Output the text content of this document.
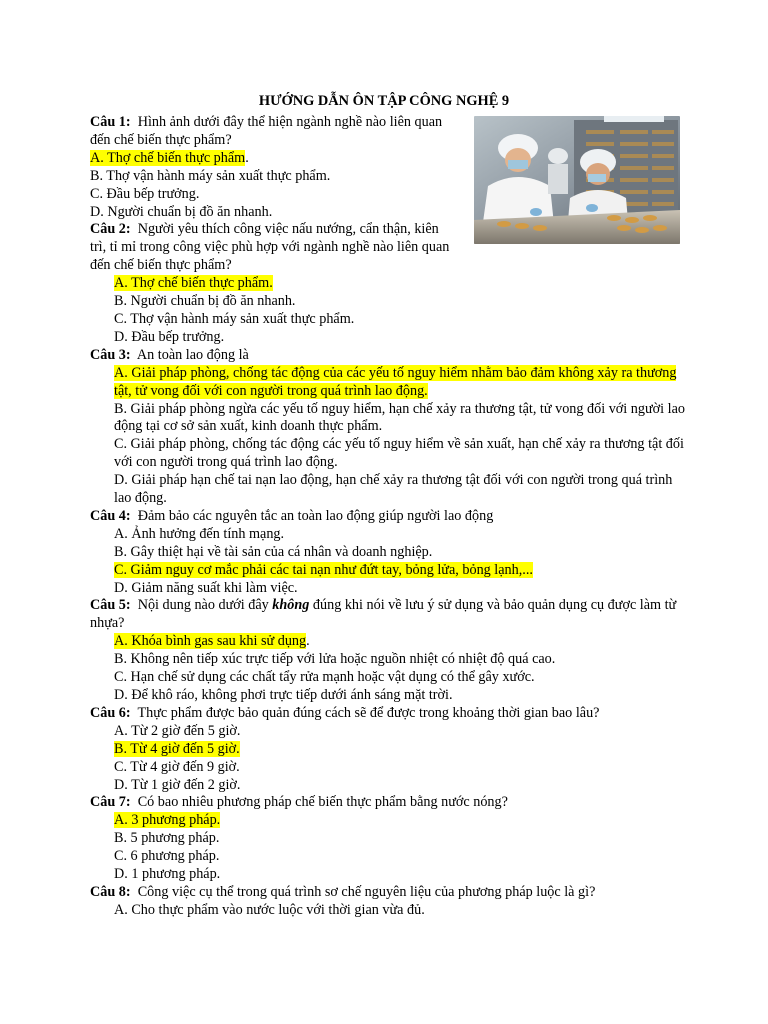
HƯỚNG DẪN ÔN TẬP CÔNG NGHỆ 9
Câu 1: Hình ảnh dưới đây thể hiện ngành nghề nào liên quan đến chế biến thực phẩm?
A. Thợ chế biến thực phẩm.
B. Thợ vận hành máy sản xuất thực phẩm.
C. Đầu bếp trưởng.
D. Người chuẩn bị đồ ăn nhanh.
Câu 2: Người yêu thích công việc nấu nướng, cẩn thận, kiên trì, tỉ mỉ trong công việc phù hợp với ngành nghề nào liên quan đến chế biến thực phẩm?
A. Thợ chế biến thực phẩm.
B. Người chuẩn bị đồ ăn nhanh.
C. Thợ vận hành máy sản xuất thực phẩm.
D. Đầu bếp trưởng.
Câu 3: An toàn lao động là
A. Giải pháp phòng, chống tác động của các yếu tố nguy hiểm nhằm bảo đảm không xảy ra thương tật, tử vong đối với con người trong quá trình lao động.
B. Giải pháp phòng ngừa các yếu tố nguy hiểm, hạn chế xảy ra thương tật, tử vong đối với người lao động tại cơ sở sản xuất, kinh doanh thực phẩm.
C. Giải pháp phòng, chống tác động các yếu tố nguy hiểm về sản xuất, hạn chế xảy ra thương tật đối với con người trong quá trình lao động.
D. Giải pháp hạn chế tai nạn lao động, hạn chế xảy ra thương tật đối với con người trong quá trình lao động.
Câu 4: Đảm bảo các nguyên tắc an toàn lao động giúp người lao động
A. Ảnh hưởng đến tính mạng.
B. Gây thiệt hại về tài sản của cá nhân và doanh nghiệp.
C. Giảm nguy cơ mắc phải các tai nạn như đứt tay, bỏng lửa, bỏng lạnh,...
D. Giảm năng suất khi làm việc.
Câu 5: Nội dung nào dưới đây không đúng khi nói về lưu ý sử dụng và bảo quản dụng cụ được làm từ nhựa?
A. Khóa bình gas sau khi sử dụng.
B. Không nên tiếp xúc trực tiếp với lửa hoặc nguồn nhiệt có nhiệt độ quá cao.
C. Hạn chế sử dụng các chất tẩy rửa mạnh hoặc vật dụng có thể gây xước.
D. Để khô ráo, không phơi trực tiếp dưới ánh sáng mặt trời.
Câu 6: Thực phẩm được bảo quản đúng cách sẽ để được trong khoảng thời gian bao lâu?
A. Từ 2 giờ đến 5 giờ.
B. Từ 4 giờ đến 5 giờ.
C. Từ 4 giờ đến 9 giờ.
D. Từ 1 giờ đến 2 giờ.
Câu 7: Có bao nhiêu phương pháp chế biến thực phẩm bằng nước nóng?
A. 3 phương pháp.
B. 5 phương pháp.
C. 6 phương pháp.
D. 1 phương pháp.
Câu 8: Công việc cụ thể trong quá trình sơ chế nguyên liệu của phương pháp luộc là gì?
A. Cho thực phẩm vào nước luộc với thời gian vừa đủ.
